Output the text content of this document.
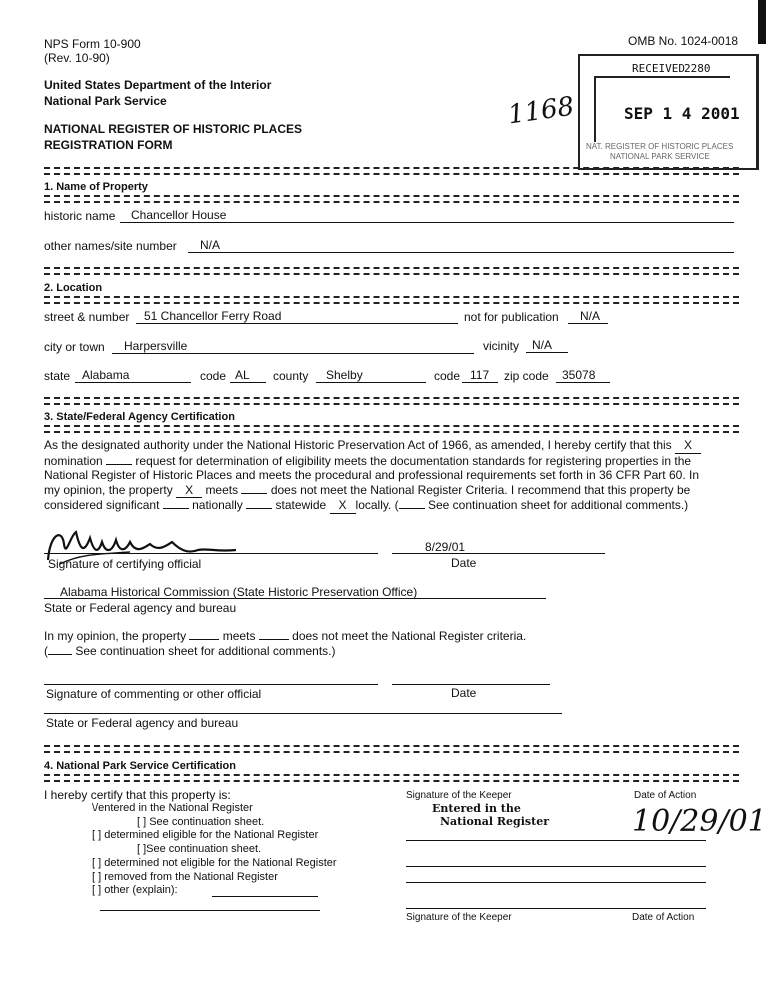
NPS Form 10-900
(Rev. 10-90)
OMB No. 1024-0018
United States Department of the Interior
National Park Service
NATIONAL REGISTER OF HISTORIC PLACES
REGISTRATION FORM
1168
RECEIVED 2280
SEP 1 4 2001
NAT. REGISTER OF HISTORIC PLACES
NATIONAL PARK SERVICE
1. Name of Property
historic name Chancellor House
other names/site number N/A
2. Location
street & number 51 Chancellor Ferry Road	not for publication N/A
city or town Harpersville	vicinity N/A
state Alabama	code AL county Shelby	code 117 zip code 35078
3. State/Federal Agency Certification
As the designated authority under the National Historic Preservation Act of 1966, as amended, I hereby certify that this X
nomination	request for determination of eligibility meets the documentation standards for registering properties in the
National Register of Historic Places and meets the procedural and professional requirements set forth in 36 CFR Part 60. In
my opinion, the property X meets	does not meet the National Register Criteria. I recommend that this property be
considered significant	nationally	statewide X locally. ( See continuation sheet for additional comments.)
8/29/01
Signature of certifying official	Date
Alabama Historical Commission (State Historic Preservation Office)
State or Federal agency and bureau
In my opinion, the property	meets	does not meet the National Register criteria.
( See continuation sheet for additional comments.)
Signature of commenting or other official	Date
State or Federal agency and bureau
4. National Park Service Certification
I hereby certify that this property is:
\/entered in the National Register
[ ] See continuation sheet.
[ ] determined eligible for the National Register
[ ]See continuation sheet.
[ ] determined not eligible for the National Register
[ ] removed from the National Register
[ ] other (explain):
Signature of the Keeper	Date of Action
Entered in the
National Register	10/29/01
Signature of the Keeper	Date of Action
